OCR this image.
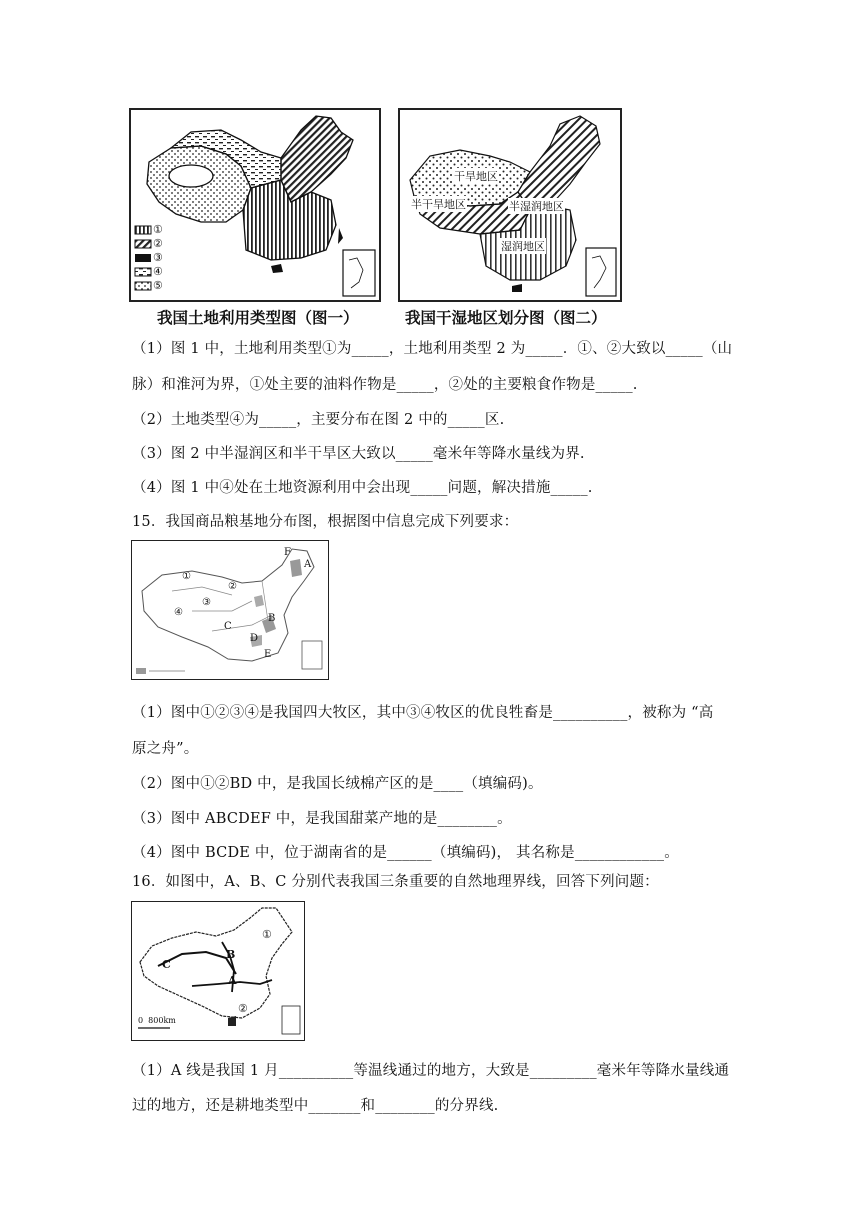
①
②
③
④
⑤
我国土地利用类型图（图一）
干旱地区
半干旱地区	半湿润地区
湿润地区
我国干湿地区划分图（图二）
（1）图 1 中，土地利用类型①为_____，土地利用类型 2 为_____．①、②大致以_____（山
脉）和淮河为界，①处主要的油料作物是_____，②处的主要粮食作物是_____.
（2）土地类型④为_____，主要分布在图 2 中的_____区.
（3）图 2 中半湿润区和半干旱区大致以_____毫米年等降水量线为界.
（4）图 1 中④处在土地资源利用中会出现_____问题，解决措施_____.
15．我国商品粮基地分布图，根据图中信息完成下列要求：
F
A
①
②
③
④
B
C
D
E
（1）图中①②③④是我国四大牧区，其中③④牧区的优良牲畜是__________，被称为 “高
原之舟”。
（2）图中①②BD 中，是我国长绒棉产区的是____（填编码)。
（3）图中 ABCDEF 中，是我国甜菜产地的是________。
（4）图中 BCDE 中，位于湖南省的是______（填编码)， 其名称是____________。
16．如图中，A、B、C 分别代表我国三条重要的自然地理界线，回答下列问题：
①
②
A
B
C
0  800km
（1）A 线是我国 1 月__________等温线通过的地方，大致是_________毫米年等降水量线通
过的地方，还是耕地类型中_______和________的分界线.
